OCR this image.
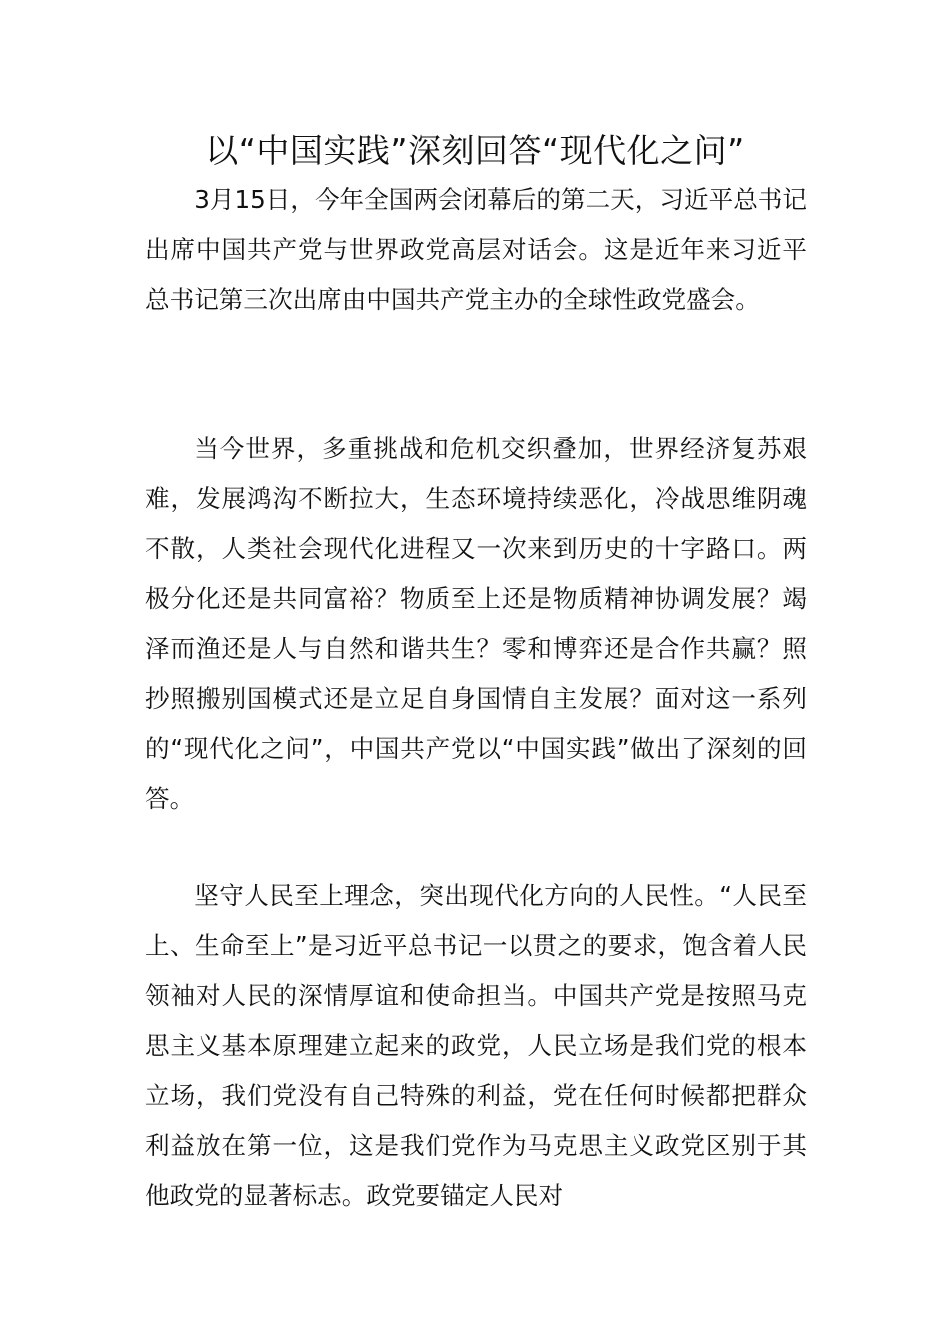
以“中国实践”深刻回答“现代化之问”

3月15日，今年全国两会闭幕后的第二天，习近平总书记出席中国共产党与世界政党高层对话会。这是近年来习近平总书记第三次出席由中国共产党主办的全球性政党盛会。

当今世界，多重挑战和危机交织叠加，世界经济复苏艰难，发展鸿沟不断拉大，生态环境持续恶化，冷战思维阴魂不散，人类社会现代化进程又一次来到历史的十字路口。两极分化还是共同富裕？物质至上还是物质精神协调发展？竭泽而渔还是人与自然和谐共生？零和博弈还是合作共赢？照抄照搬别国模式还是立足自身国情自主发展？面对这一系列的“现代化之问”，中国共产党以“中国实践”做出了深刻的回答。

坚守人民至上理念，突出现代化方向的人民性。“人民至上、生命至上”是习近平总书记一以贯之的要求，饱含着人民领袖对人民的深情厚谊和使命担当。中国共产党是按照马克思主义基本原理建立起来的政党，人民立场是我们党的根本立场，我们党没有自己特殊的利益，党在任何时候都把群众利益放在第一位，这是我们党作为马克思主义政党区别于其他政党的显著标志。政党要锚定人民对
